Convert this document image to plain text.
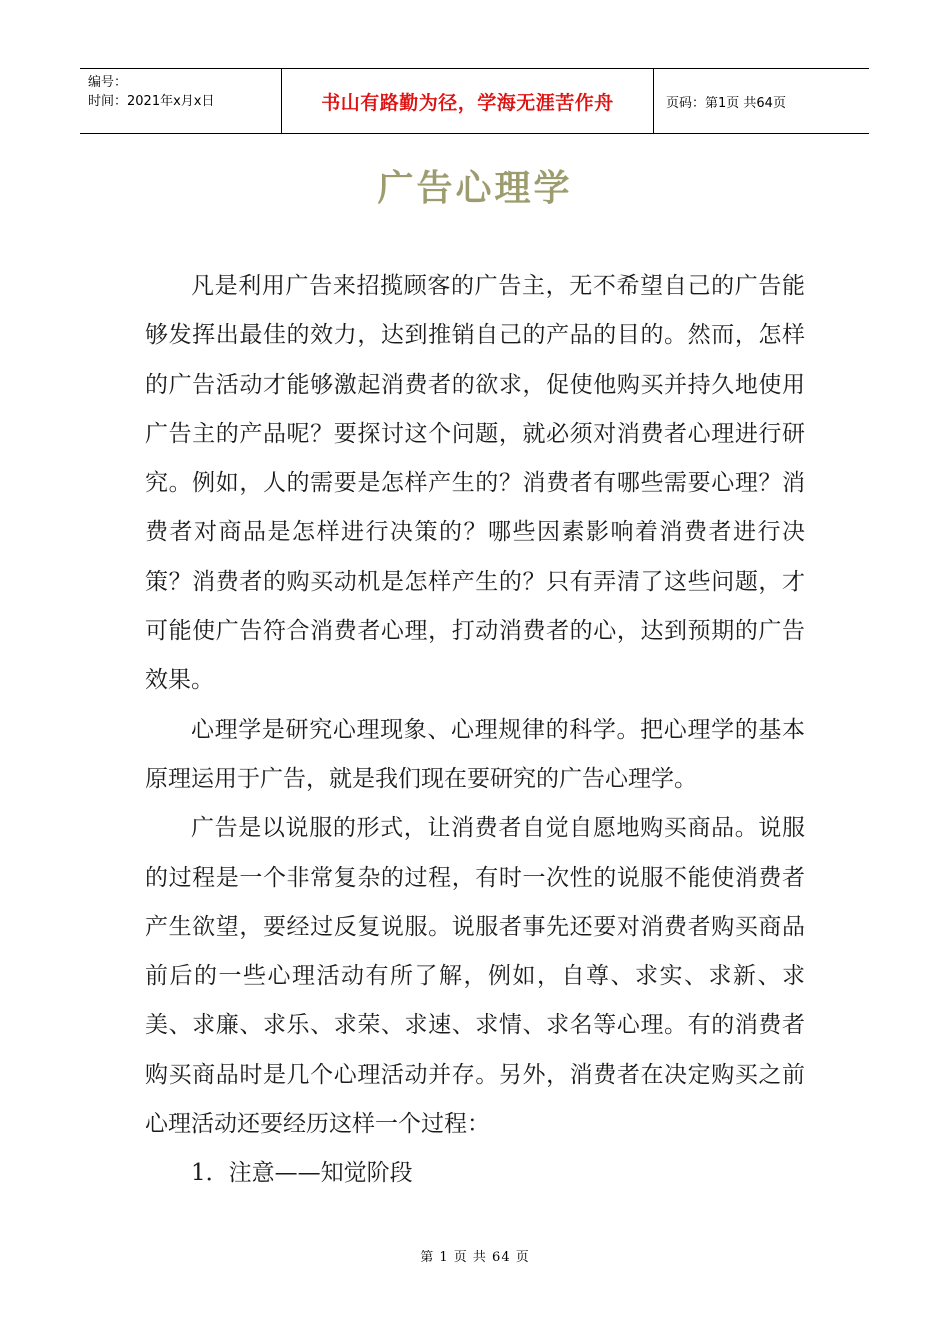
编号：
时间：2021年x月x日	书山有路勤为径，学海无涯苦作舟	页码：第1页 共64页
广告心理学

凡是利用广告来招揽顾客的广告主，无不希望自己的广告能够发挥出最佳的效力，达到推销自己的产品的目的。然而，怎样的广告活动才能够激起消费者的欲求，促使他购买并持久地使用广告主的产品呢？要探讨这个问题，就必须对消费者心理进行研究。例如，人的需要是怎样产生的？消费者有哪些需要心理？消费者对商品是怎样进行决策的？哪些因素影响着消费者进行决策？消费者的购买动机是怎样产生的？只有弄清了这些问题，才可能使广告符合消费者心理，打动消费者的心，达到预期的广告效果。

心理学是研究心理现象、心理规律的科学。把心理学的基本原理运用于广告，就是我们现在要研究的广告心理学。

广告是以说服的形式，让消费者自觉自愿地购买商品。说服的过程是一个非常复杂的过程，有时一次性的说服不能使消费者产生欲望，要经过反复说服。说服者事先还要对消费者购买商品前后的一些心理活动有所了解，例如，自尊、求实、求新、求美、求廉、求乐、求荣、求速、求情、求名等心理。有的消费者购买商品时是几个心理活动并存。另外，消费者在决定购买之前心理活动还要经历这样一个过程：

1．注意——知觉阶段

第 1 页 共 64 页
